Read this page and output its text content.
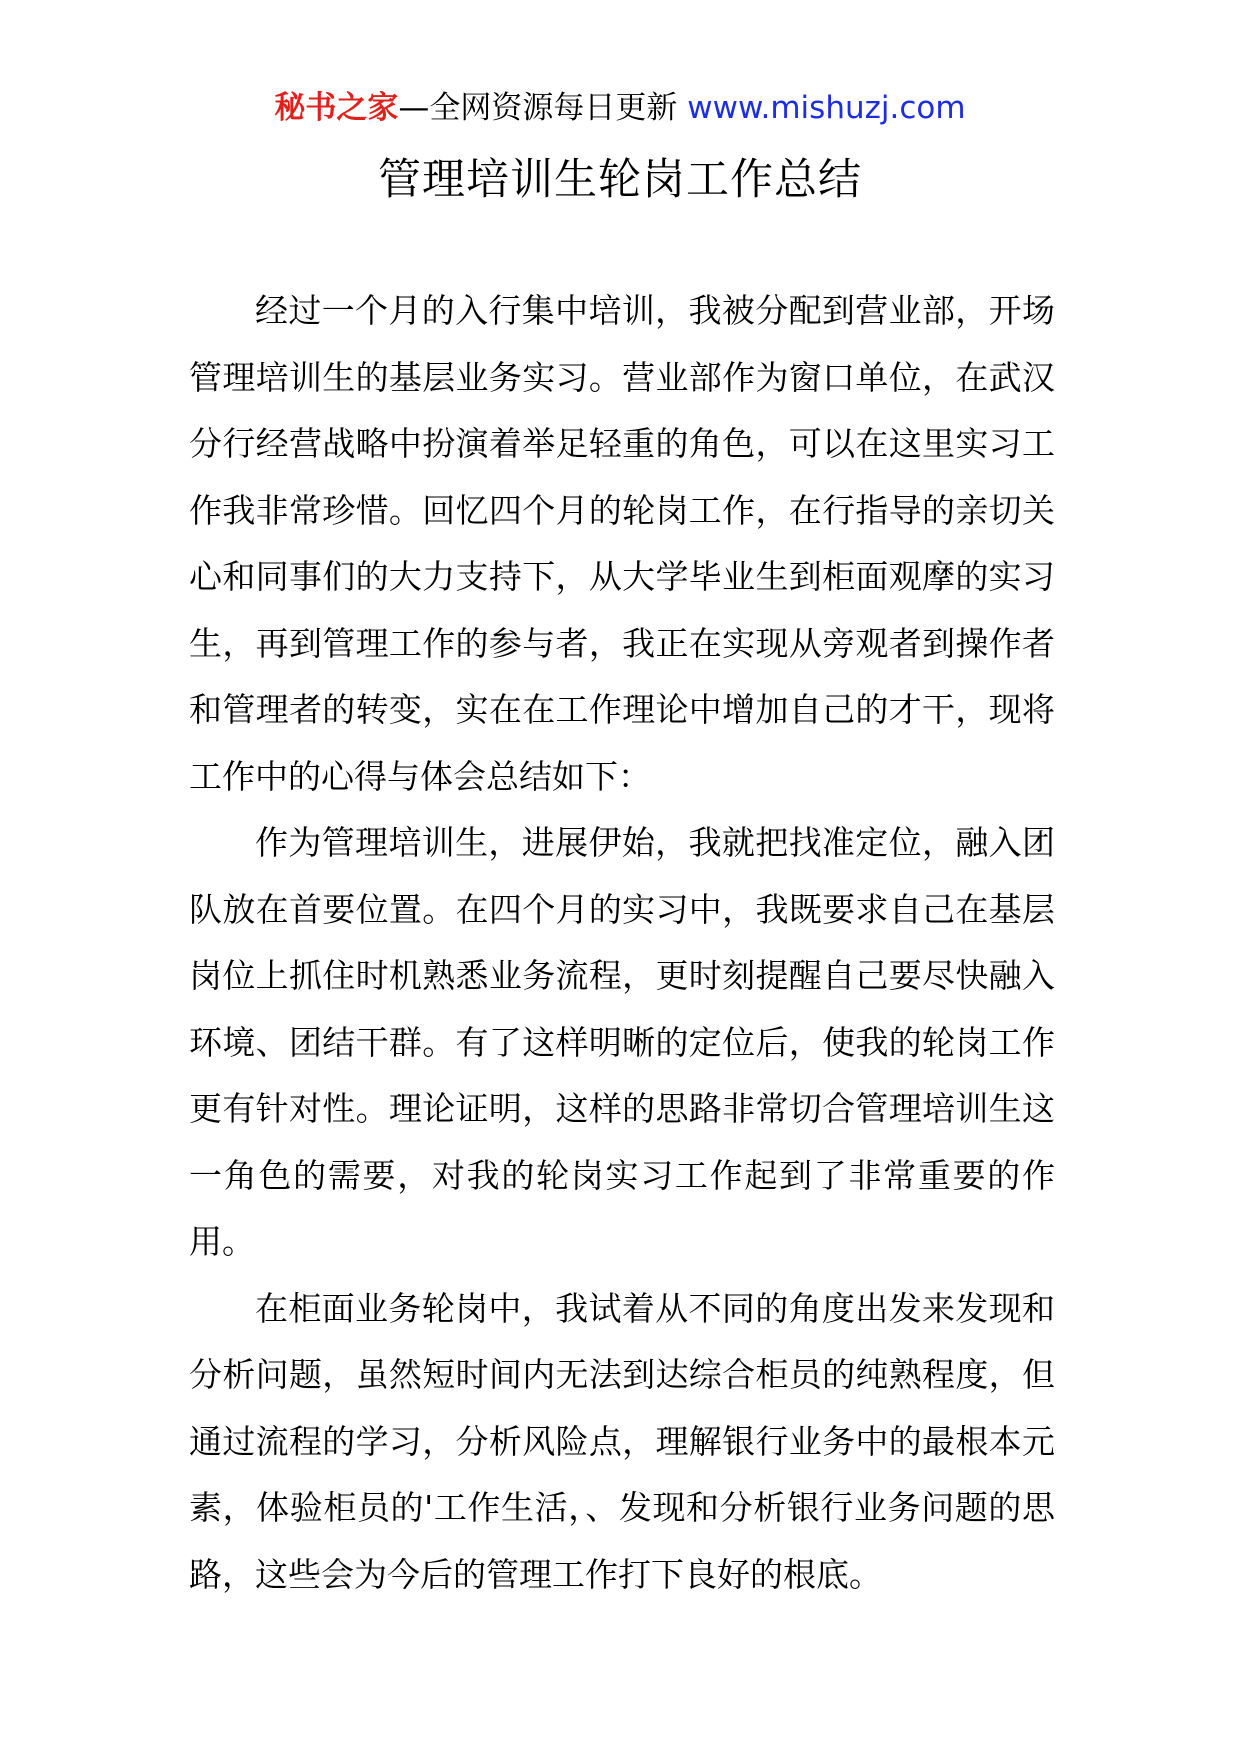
秘书之家—全网资源每日更新 www.mishuzj.com
管理培训生轮岗工作总结

经过一个月的入行集中培训，我被分配到营业部，开场管理培训生的基层业务实习。营业部作为窗口单位，在武汉分行经营战略中扮演着举足轻重的角色，可以在这里实习工作我非常珍惜。回忆四个月的轮岗工作，在行指导的亲切关心和同事们的大力支持下，从大学毕业生到柜面观摩的实习生，再到管理工作的参与者，我正在实现从旁观者到操作者和管理者的转变，实在在工作理论中增加自己的才干，现将工作中的心得与体会总结如下：

作为管理培训生，进展伊始，我就把找准定位，融入团队放在首要位置。在四个月的实习中，我既要求自己在基层岗位上抓住时机熟悉业务流程，更时刻提醒自己要尽快融入环境、团结干群。有了这样明晰的定位后，使我的轮岗工作更有针对性。理论证明，这样的思路非常切合管理培训生这一角色的需要，对我的轮岗实习工作起到了非常重要的作用。

在柜面业务轮岗中，我试着从不同的角度出发来发现和分析问题，虽然短时间内无法到达综合柜员的纯熟程度，但通过流程的学习，分析风险点，理解银行业务中的最根本元素，体验柜员的'工作生活，、发现和分析银行业务问题的思路，这些会为今后的管理工作打下良好的根底。
